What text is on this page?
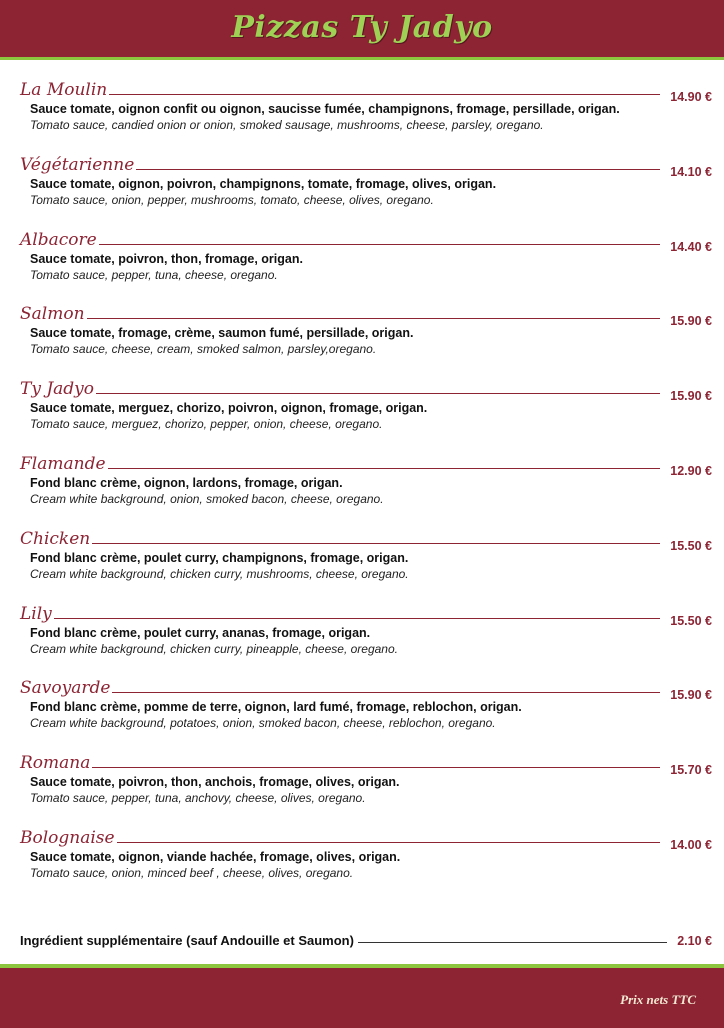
Pizzas Ty Jadyo
La Moulin	14.90 €
Sauce tomate, oignon confit ou oignon, saucisse fumée, champignons, fromage, persillade, origan.
Tomato sauce, candied onion or onion, smoked sausage, mushrooms, cheese, parsley, oregano.
Végétarienne	14.10 €
Sauce tomate, oignon, poivron, champignons, tomate, fromage, olives, origan.
Tomato sauce, onion, pepper, mushrooms, tomato, cheese, olives, oregano.
Albacore	14.40 €
Sauce tomate, poivron, thon, fromage, origan.
Tomato sauce, pepper, tuna, cheese, oregano.
Salmon	15.90 €
Sauce tomate, fromage, crème, saumon fumé, persillade, origan.
Tomato sauce, cheese, cream, smoked salmon, parsley,oregano.
Ty Jadyo	15.90 €
Sauce tomate, merguez, chorizo, poivron, oignon, fromage, origan.
Tomato sauce, merguez, chorizo, pepper, onion, cheese, oregano.
Flamande	12.90 €
Fond blanc crème, oignon, lardons, fromage, origan.
Cream white background, onion, smoked bacon, cheese, oregano.
Chicken	15.50 €
Fond blanc crème, poulet curry, champignons, fromage, origan.
Cream white background, chicken curry, mushrooms, cheese, oregano.
Lily	15.50 €
Fond blanc crème, poulet curry, ananas, fromage, origan.
Cream white background, chicken curry, pineapple, cheese, oregano.
Savoyarde	15.90 €
Fond blanc crème, pomme de terre, oignon, lard fumé, fromage, reblochon, origan.
Cream white background, potatoes, onion, smoked bacon, cheese, reblochon, oregano.
Romana	15.70 €
Sauce tomate, poivron, thon, anchois, fromage, olives, origan.
Tomato sauce, pepper, tuna, anchovy, cheese, olives, oregano.
Bolognaise	14.00 €
Sauce tomate, oignon, viande hachée, fromage, olives, origan.
Tomato sauce, onion, minced beef , cheese, olives, oregano.
Ingrédient supplémentaire (sauf Andouille et Saumon)	2.10 €
Prix nets TTC
